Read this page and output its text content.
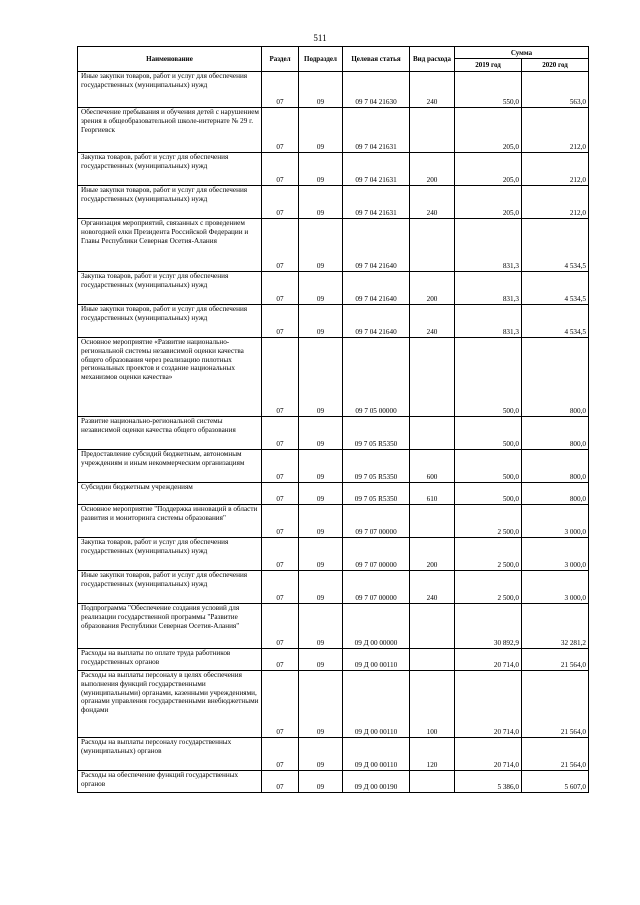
511
Наименование	Раздел	Подраздел	Целевая статья	Вид расхода	Сумма	
					2019 год	2020 год
Иные закупки товаров, работ и услуг для обеспечения государственных (муниципальных) нужд	07	09	09 7 04 21630	240	550,0	563,0
Обеспечение пребывания и обучения детей с нарушением зрения в общеобразовательной школе-интернате № 29 г. Георгиевск	07	09	09 7 04 21631		205,0	212,0
Закупка товаров, работ и услуг для обеспечения государственных (муниципальных) нужд	07	09	09 7 04 21631	200	205,0	212,0
Иные закупки товаров, работ и услуг для обеспечения государственных (муниципальных) нужд	07	09	09 7 04 21631	240	205,0	212,0
Организация мероприятий, связанных с проведением новогодней елки Президента Российской Федерации и Главы Республики Северная Осетия-Алания	07	09	09 7 04 21640		831,3	4 534,5
Закупка товаров, работ и услуг для обеспечения государственных (муниципальных) нужд	07	09	09 7 04 21640	200	831,3	4 534,5
Иные закупки товаров, работ и услуг для обеспечения государственных (муниципальных) нужд	07	09	09 7 04 21640	240	831,3	4 534,5
Основное мероприятие «Развитие национально-региональной системы независимой оценки качества общего образования через реализацию пилотных региональных проектов и создание национальных механизмов оценки качества»	07	09	09 7 05 00000		500,0	800,0
Развитие национально-региональной системы независимой оценки качества общего образования	07	09	09 7 05 R5350		500,0	800,0
Предоставление субсидий бюджетным, автономным учреждениям и иным некоммерческим организациям	07	09	09 7 05 R5350	600	500,0	800,0
Субсидии бюджетным учреждениям	07	09	09 7 05 R5350	610	500,0	800,0
Основное мероприятие "Поддержка инноваций в области развития и мониторинга системы образования"	07	09	09 7 07 00000		2 500,0	3 000,0
Закупка товаров, работ и услуг для обеспечения государственных (муниципальных) нужд	07	09	09 7 07 00000	200	2 500,0	3 000,0
Иные закупки товаров, работ и услуг для обеспечения государственных (муниципальных) нужд	07	09	09 7 07 00000	240	2 500,0	3 000,0
Подпрограмма "Обеспечение создания условий для реализации государственной программы "Развитие образования Республики Северная Осетия-Алания"	07	09	09 Д 00 00000		30 892,9	32 281,2
Расходы на выплаты по оплате труда работников государственных органов	07	09	09 Д 00 00110		20 714,0	21 564,0
Расходы на выплаты персоналу в целях обеспечения выполнения функций государственными (муниципальными) органами, казенными учреждениями, органами управления государственными внебюджетными фондами	07	09	09 Д 00 00110	100	20 714,0	21 564,0
Расходы на выплаты персоналу государственных (муниципальных) органов	07	09	09 Д 00 00110	120	20 714,0	21 564,0
Расходы на обеспечение функций государственных органов	07	09	09 Д 00 00190		5 386,0	5 607,0
